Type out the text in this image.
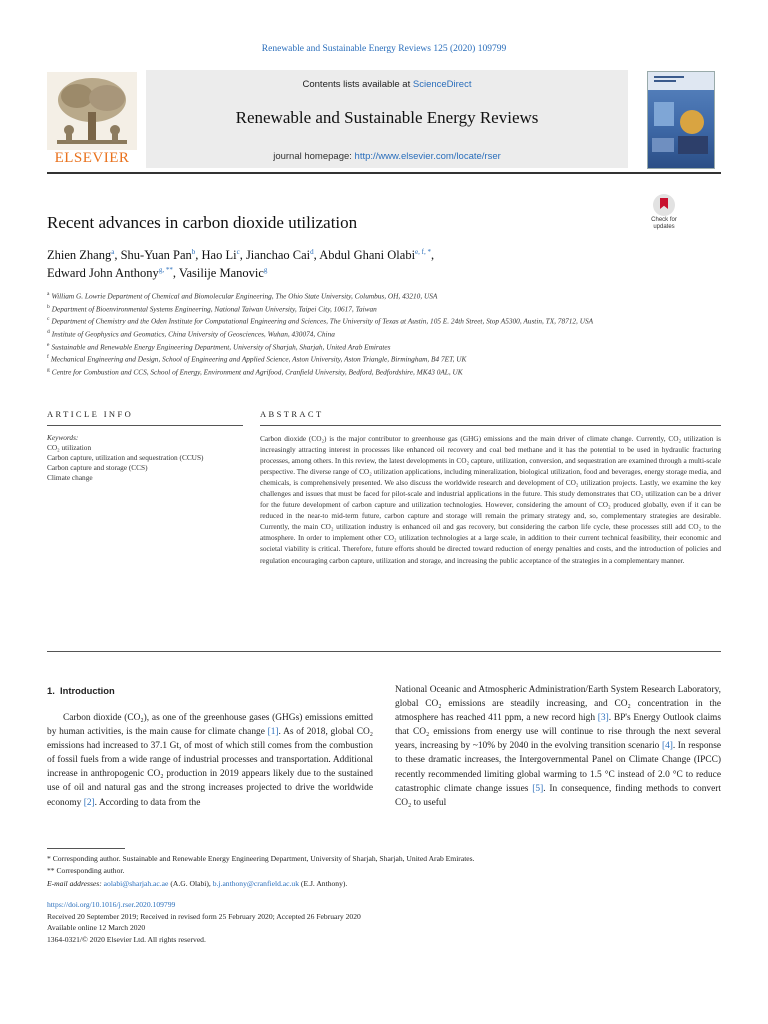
Renewable and Sustainable Energy Reviews 125 (2020) 109799
ELSEVIER
Contents lists available at ScienceDirect
Renewable and Sustainable Energy Reviews
journal homepage: http://www.elsevier.com/locate/rser
Recent advances in carbon dioxide utilization	Check for updates
Zhien Zhang$^a$, Shu-Yuan Pan$^b$, Hao Li$^c$, Jianchao Cai$^d$, Abdul Ghani Olabi$^{e, f, *}$,
Edward John Anthony$^{g, **}$, Vasilije Manovic$^g$
$^a$ William G. Lowrie Department of Chemical and Biomolecular Engineering, The Ohio State University, Columbus, OH, 43210, USA
$^b$ Department of Bioenvironmental Systems Engineering, National Taiwan University, Taipei City, 10617, Taiwan
$^c$ Department of Chemistry and the Oden Institute for Computational Engineering and Sciences, The University of Texas at Austin, 105 E. 24th Street, Stop A5300, Austin, TX, 78712, USA
$^d$ Institute of Geophysics and Geomatics, China University of Geosciences, Wuhan, 430074, China
$^e$ Sustainable and Renewable Energy Engineering Department, University of Sharjah, Sharjah, United Arab Emirates
$^f$ Mechanical Engineering and Design, School of Engineering and Applied Science, Aston University, Aston Triangle, Birmingham, B4 7ET, UK
$^g$ Centre for Combustion and CCS, School of Energy, Environment and Agrifood, Cranfield University, Bedford, Bedfordshire, MK43 0AL, UK
ARTICLE INFO	ABSTRACT
Keywords:
CO₂ utilization
Carbon capture, utilization and sequestration (CCUS)
Carbon capture and storage (CCS)
Climate change
Carbon dioxide (CO₂) is the major contributor to greenhouse gas (GHG) emissions and the main driver of climate change. Currently, CO₂ utilization is increasingly attracting interest in processes like enhanced oil recovery and coal bed methane and it has the potential to be used in hydraulic fracturing processes, among others. In this review, the latest developments in CO₂ capture, utilization, conversion, and sequestration are examined through a multi-scale perspective. The diverse range of CO₂ utilization applications, including mineralization, biological utilization, food and beverages, energy storage media, and chemicals, is comprehensively presented. We also discuss the worldwide research and development of CO₂ utilization projects. Lastly, we examine the key challenges and issues that must be faced for pilot-scale and industrial applications in the future. This study demonstrates that CO₂ utilization can be a driver for the future development of carbon capture and utilization technologies. However, considering the amount of CO₂ produced globally, even if it can be reduced in the near-to mid-term future, carbon capture and storage will remain the primary strategy and, so, complementary strategies are desirable. Currently, the main CO₂ utilization industry is enhanced oil and gas recovery, but considering the carbon life cycle, these processes still add CO₂ to the atmosphere. In order to implement other CO₂ utilization technologies at a large scale, in addition to their current technical feasibility, their economic and societal viability is critical. Therefore, future efforts should be directed toward reduction of energy penalties and costs, and the introduction of policies and regulation encouraging carbon capture, utilization and storage, and increasing the public acceptance of the strategies in a complementary manner.
1. Introduction
Carbon dioxide (CO₂), as one of the greenhouse gases (GHGs) emissions emitted by human activities, is the main cause for climate change [1]. As of 2018, global CO₂ emissions had increased to 37.1 Gt, of most of which still comes from the combustion of fossil fuels from a wide range of industrial processes and transportation. Additional increase in anthropogenic CO₂ production in 2019 appears likely due to the sustained use of oil and natural gas and the strong increases projected to drive the worldwide economy [2]. According to data from the
National Oceanic and Atmospheric Administration/Earth System Research Laboratory, global CO₂ emissions are steadily increasing, and CO₂ concentration in the atmosphere has reached 411 ppm, a new record high [3]. BP's Energy Outlook claims that CO₂ emissions from energy use will continue to rise through the next several years, increasing by ~10% by 2040 in the evolving transition scenario [4]. In response to these dramatic increases, the Intergovernmental Panel on Climate Change (IPCC) recently recommended limiting global warming to 1.5 °C instead of 2.0 °C to reduce catastrophic climate change issues [5]. In consequence, finding methods to convert CO₂ to useful
* Corresponding author. Sustainable and Renewable Energy Engineering Department, University of Sharjah, Sharjah, United Arab Emirates.
** Corresponding author.
E-mail addresses: aolabi@sharjah.ac.ae (A.G. Olabi), b.j.anthony@cranfield.ac.uk (E.J. Anthony).
https://doi.org/10.1016/j.rser.2020.109799
Received 20 September 2019; Received in revised form 25 February 2020; Accepted 26 February 2020
Available online 12 March 2020
1364-0321/© 2020 Elsevier Ltd. All rights reserved.
